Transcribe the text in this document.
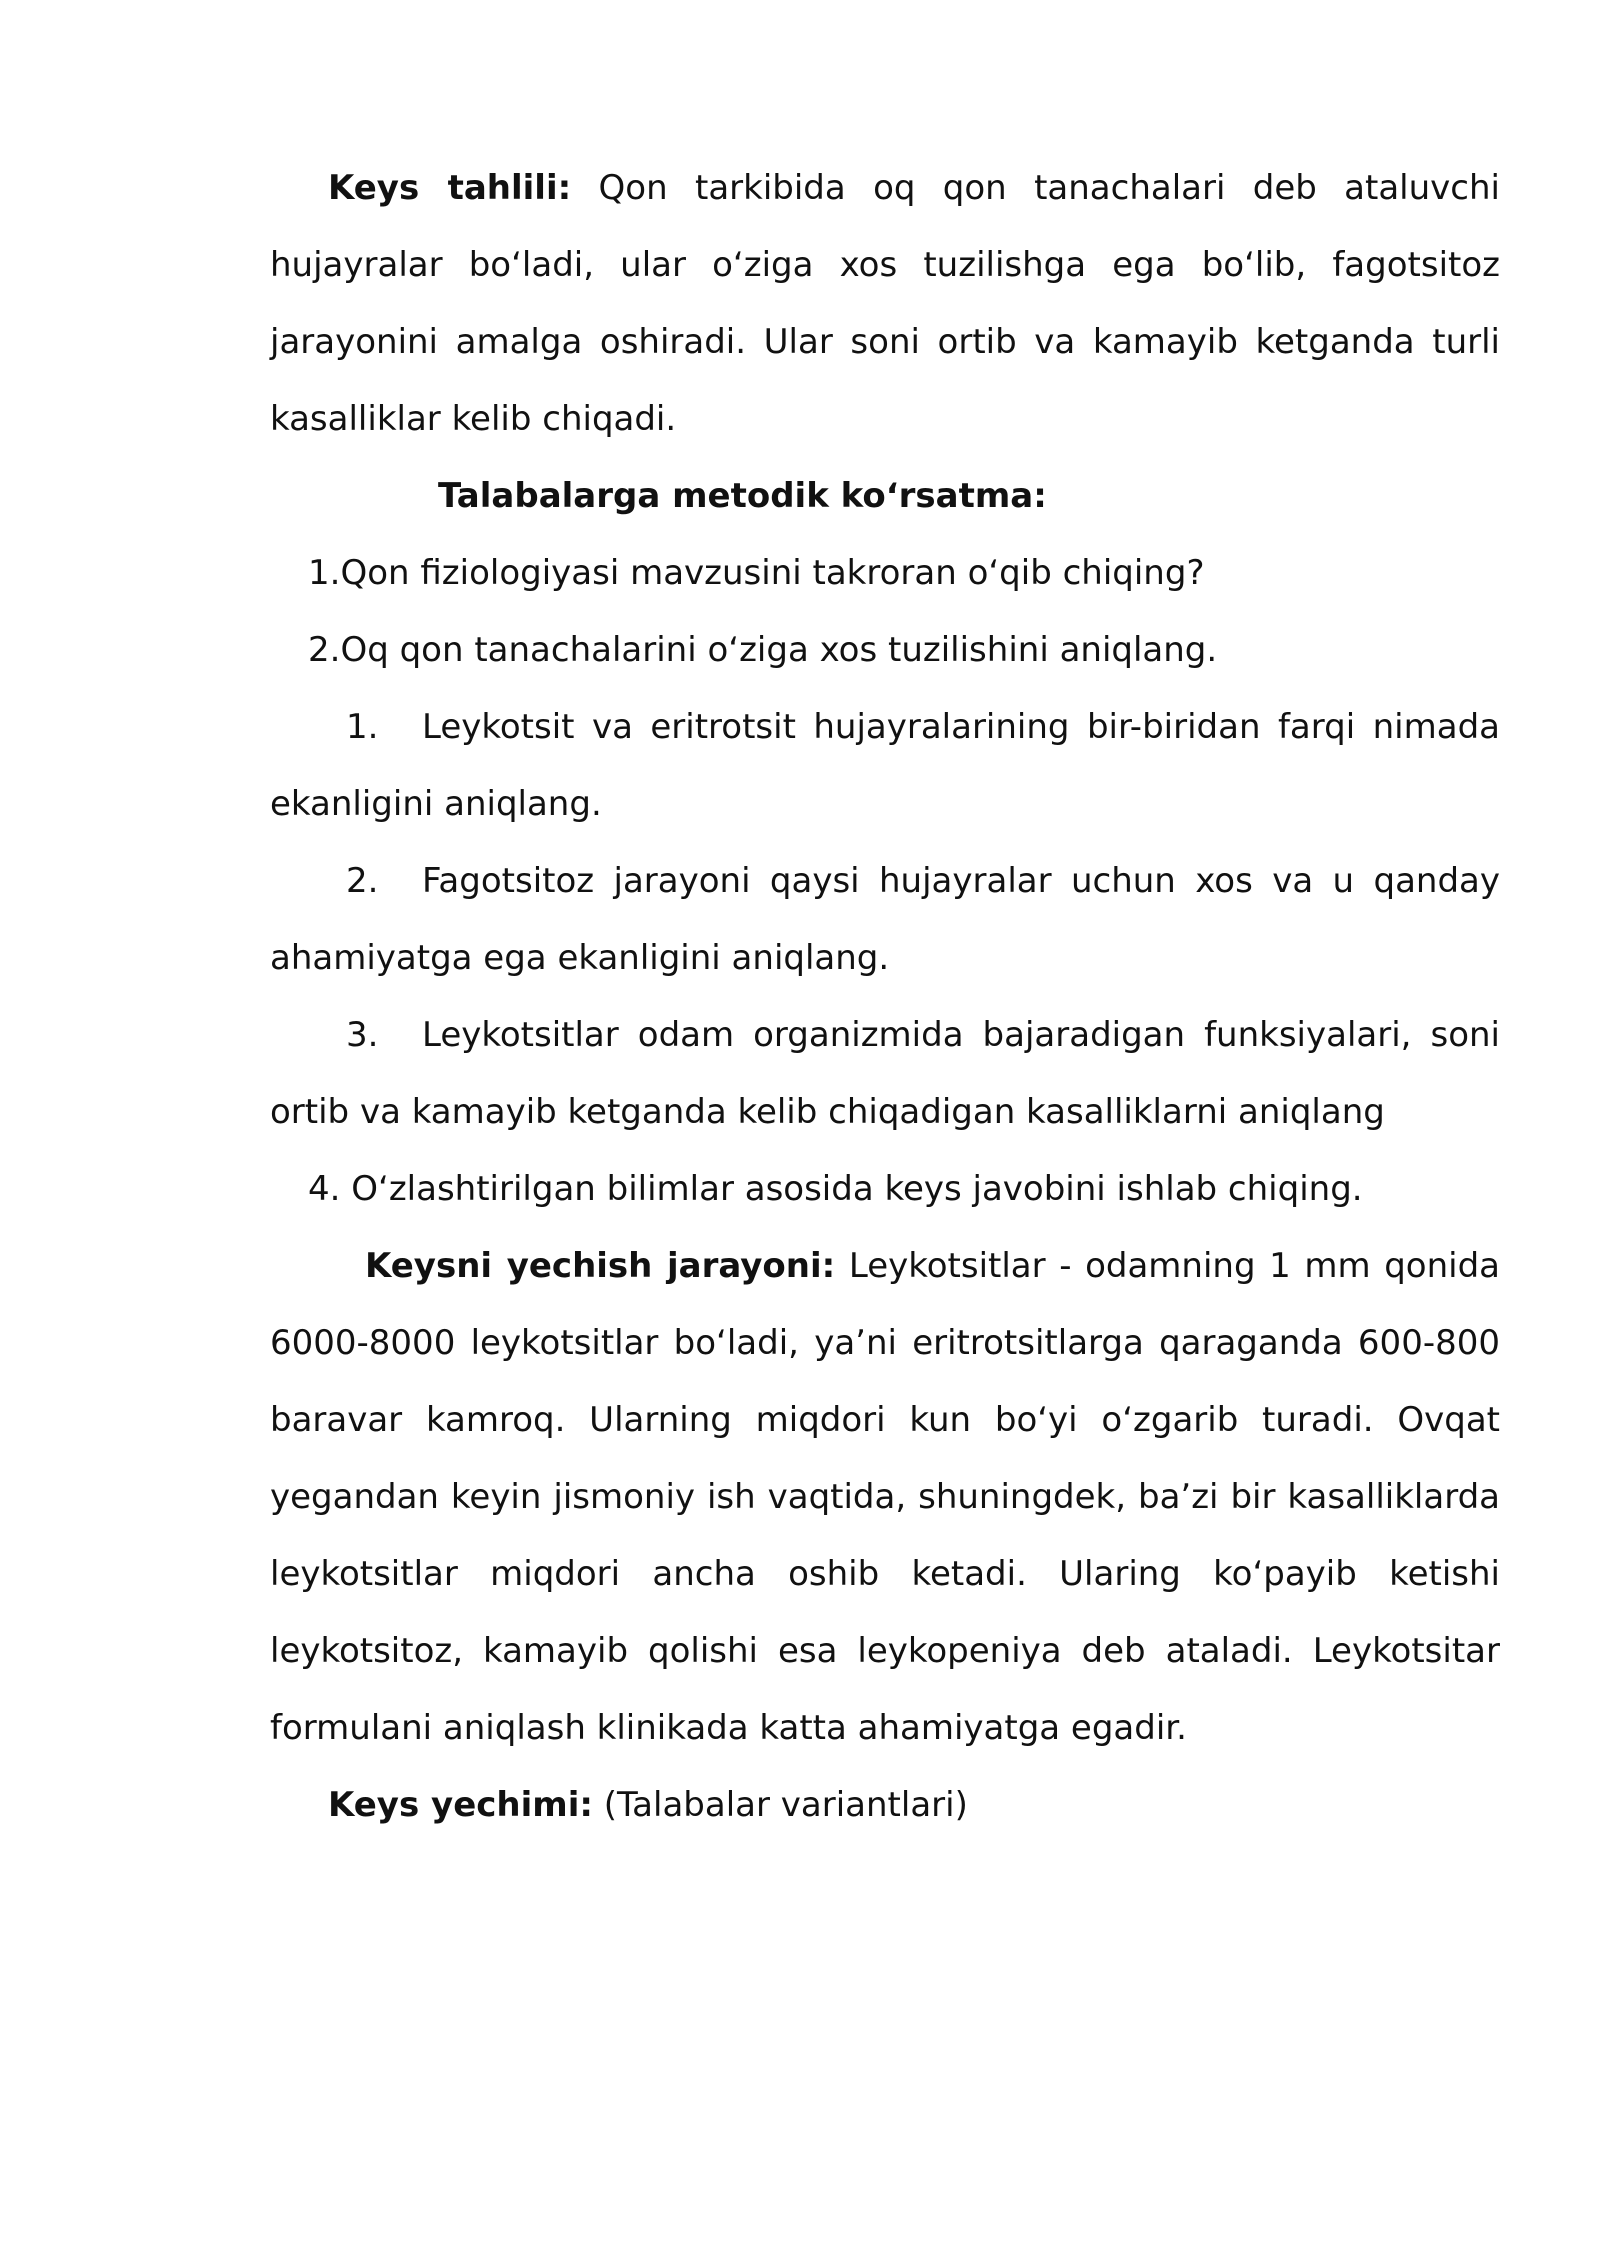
Keys tahlili: Qon tarkibida oq qon tanachalari deb ataluvchi hujayralar bo‘ladi, ular o‘ziga xos tuzilishga ega bo‘lib, fagotsitoz jarayonini amalga oshiradi. Ular soni ortib va kamayib ketganda turli kasalliklar kelib chiqadi.

Talabalarga metodik ko‘rsatma:

1.Qon fiziologiyasi mavzusini takroran o‘qib chiqing?

2.Oq qon tanachalarini o‘ziga xos tuzilishini aniqlang.

1. Leykotsit va eritrotsit hujayralarining bir-biridan farqi nimada ekanligini aniqlang.

2. Fagotsitoz jarayoni qaysi hujayralar uchun xos va u qanday ahamiyatga ega ekanligini aniqlang.

3. Leykotsitlar odam organizmida bajaradigan funksiyalari, soni ortib va kamayib ketganda kelib chiqadigan kasalliklarni aniqlang

4. O‘zlashtirilgan bilimlar asosida keys javobini ishlab chiqing.

Keysni yechish jarayoni: Leykotsitlar - odamning 1 mm qonida 6000-8000 leykotsitlar bo‘ladi, ya’ni eritrotsitlarga qaraganda 600-800 baravar kamroq. Ularning miqdori kun bo‘yi o‘zgarib turadi. Ovqat yegandan keyin jismoniy ish vaqtida, shuningdek, ba’zi bir kasalliklarda leykotsitlar miqdori ancha oshib ketadi. Ularing ko‘payib ketishi leykotsitoz, kamayib qolishi esa leykopeniya deb ataladi. Leykotsitar formulani aniqlash klinikada katta ahamiyatga egadir.

Keys yechimi: (Talabalar variantlari)
